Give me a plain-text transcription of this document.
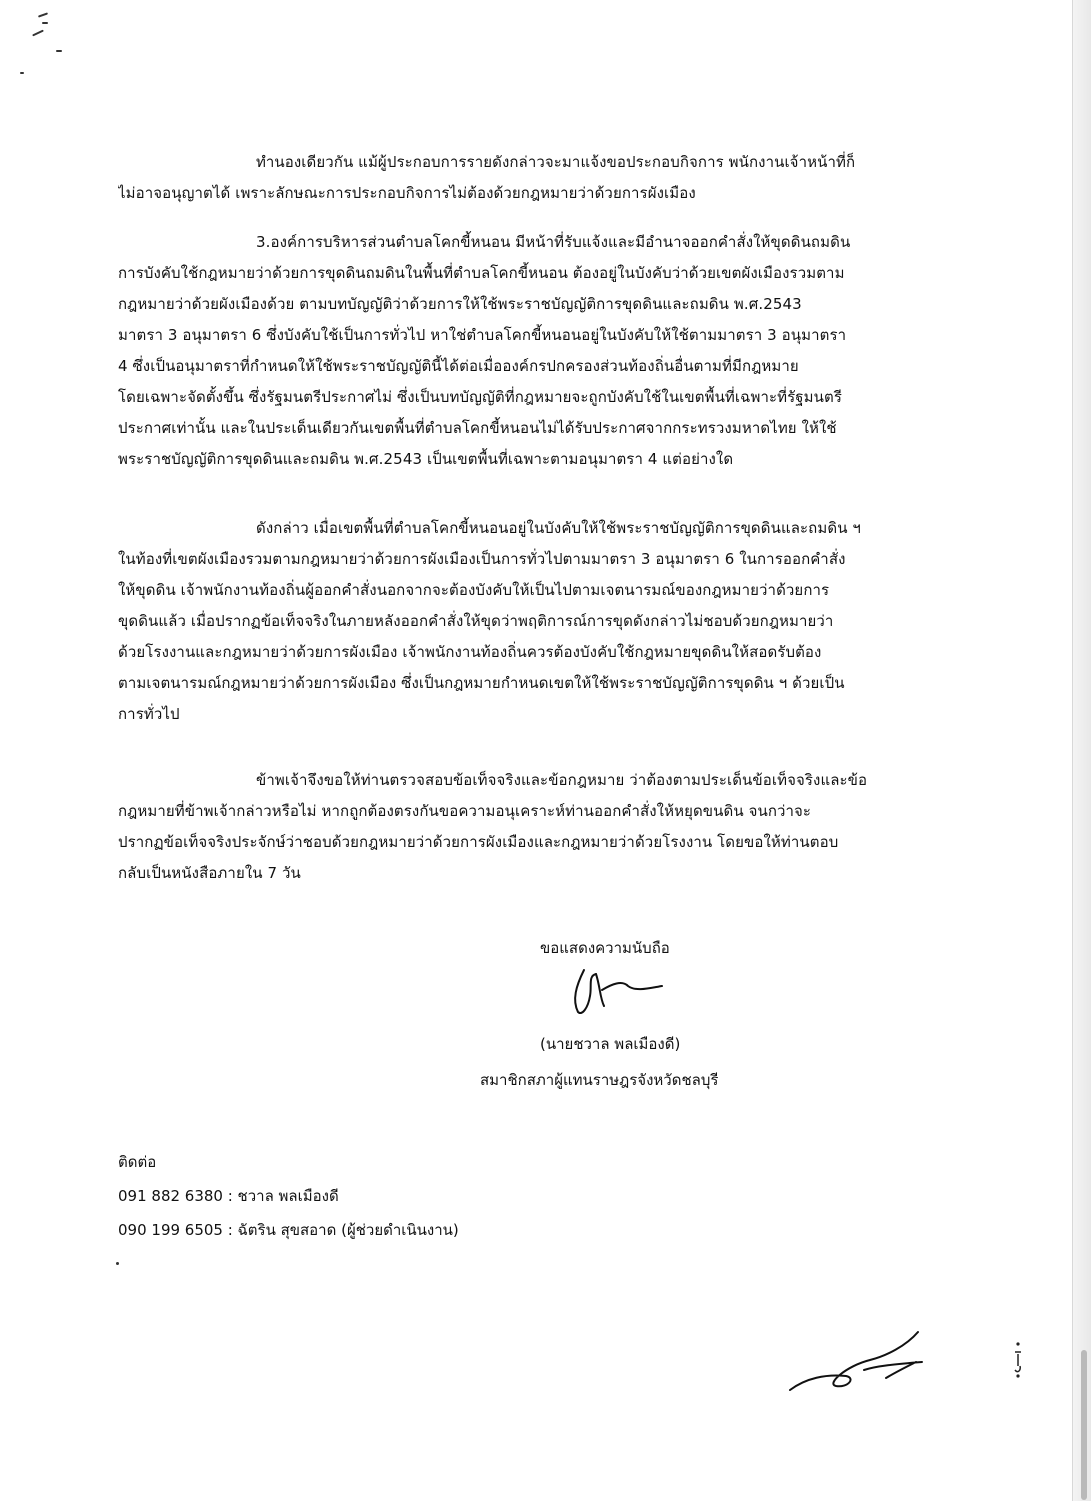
ทำนองเดียวกัน แม้ผู้ประกอบการรายดังกล่าวจะมาแจ้งขอประกอบกิจการ พนักงานเจ้าหน้าที่ก็
ไม่อาจอนุญาตได้ เพราะลักษณะการประกอบกิจการไม่ต้องด้วยกฎหมายว่าด้วยการผังเมือง
3.องค์การบริหารส่วนตำบลโคกขี้หนอน มีหน้าที่รับแจ้งและมีอำนาจออกคำสั่งให้ขุดดินถมดิน
การบังคับใช้กฎหมายว่าด้วยการขุดดินถมดินในพื้นที่ตำบลโคกขี้หนอน ต้องอยู่ในบังคับว่าด้วยเขตผังเมืองรวมตาม
กฎหมายว่าด้วยผังเมืองด้วย ตามบทบัญญัติว่าด้วยการให้ใช้พระราชบัญญัติการขุดดินและถมดิน พ.ศ.2543
มาตรา 3 อนุมาตรา 6 ซึ่งบังคับใช้เป็นการทั่วไป หาใช่ตำบลโคกขี้หนอนอยู่ในบังคับให้ใช้ตามมาตรา 3 อนุมาตรา
4 ซึ่งเป็นอนุมาตราที่กำหนดให้ใช้พระราชบัญญัตินี้ได้ต่อเมื่อองค์กรปกครองส่วนท้องถิ่นอื่นตามที่มีกฎหมาย
โดยเฉพาะจัดตั้งขึ้น ซึ่งรัฐมนตรีประกาศไม่ ซึ่งเป็นบทบัญญัติที่กฎหมายจะถูกบังคับใช้ในเขตพื้นที่เฉพาะที่รัฐมนตรี
ประกาศเท่านั้น และในประเด็นเดียวกันเขตพื้นที่ตำบลโคกขี้หนอนไม่ได้รับประกาศจากกระทรวงมหาดไทย ให้ใช้
พระราชบัญญัติการขุดดินและถมดิน พ.ศ.2543 เป็นเขตพื้นที่เฉพาะตามอนุมาตรา 4 แต่อย่างใด
ดังกล่าว เมื่อเขตพื้นที่ตำบลโคกขี้หนอนอยู่ในบังคับให้ใช้พระราชบัญญัติการขุดดินและถมดิน ฯ
ในท้องที่เขตผังเมืองรวมตามกฎหมายว่าด้วยการผังเมืองเป็นการทั่วไปตามมาตรา 3 อนุมาตรา 6 ในการออกคำสั่ง
ให้ขุดดิน เจ้าพนักงานท้องถิ่นผู้ออกคำสั่งนอกจากจะต้องบังคับให้เป็นไปตามเจตนารมณ์ของกฎหมายว่าด้วยการ
ขุดดินแล้ว เมื่อปรากฏข้อเท็จจริงในภายหลังออกคำสั่งให้ขุดว่าพฤติการณ์การขุดดังกล่าวไม่ชอบด้วยกฎหมายว่า
ด้วยโรงงานและกฎหมายว่าด้วยการผังเมือง เจ้าพนักงานท้องถิ่นควรต้องบังคับใช้กฎหมายขุดดินให้สอดรับต้อง
ตามเจตนารมณ์กฎหมายว่าด้วยการผังเมือง ซึ่งเป็นกฎหมายกำหนดเขตให้ใช้พระราชบัญญัติการขุดดิน ฯ ด้วยเป็น
การทั่วไป
ข้าพเจ้าจึงขอให้ท่านตรวจสอบข้อเท็จจริงและข้อกฎหมาย ว่าต้องตามประเด็นข้อเท็จจริงและข้อ
กฎหมายที่ข้าพเจ้ากล่าวหรือไม่ หากถูกต้องตรงกันขอความอนุเคราะห์ท่านออกคำสั่งให้หยุดขนดิน จนกว่าจะ
ปรากฏข้อเท็จจริงประจักษ์ว่าชอบด้วยกฎหมายว่าด้วยการผังเมืองและกฎหมายว่าด้วยโรงงาน โดยขอให้ท่านตอบ
กลับเป็นหนังสือภายใน 7 วัน
ขอแสดงความนับถือ
(นายชวาล พลเมืองดี)
สมาชิกสภาผู้แทนราษฎรจังหวัดชลบุรี
ติดต่อ
091 882 6380 : ชวาล พลเมืองดี
090 199 6505 : ฉัตริน สุขสอาด (ผู้ช่วยดำเนินงาน)
